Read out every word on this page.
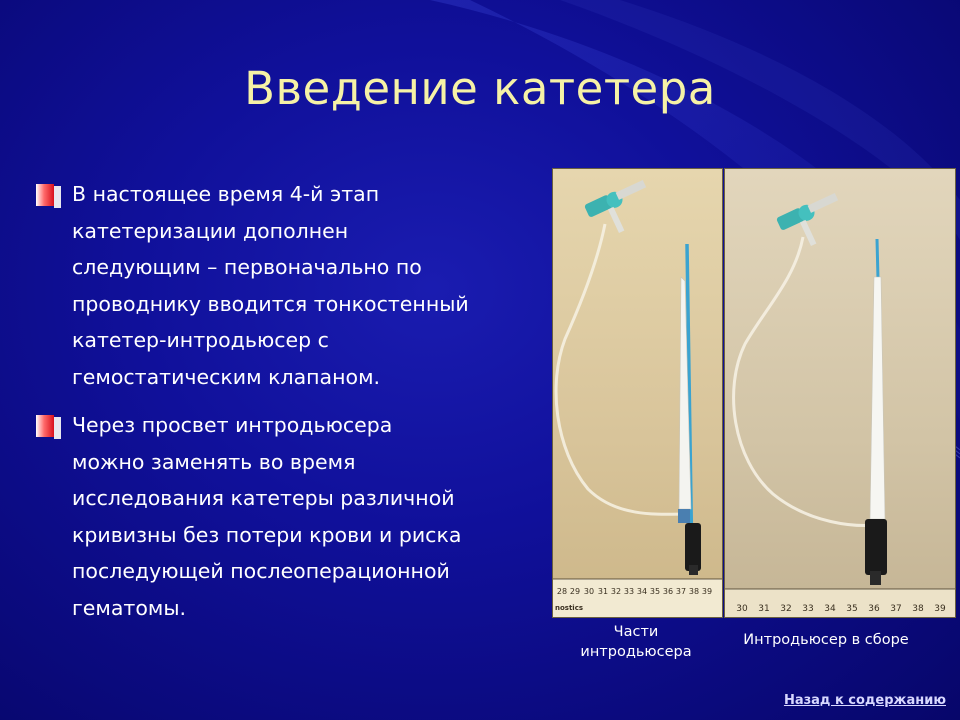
Введение катетера

В настоящее время 4-й этап
катетеризации дополнен
следующим – первоначально по
проводнику вводится тонкостенный
катетер-интродьюсер с
гемостатическим клапаном.

Через просвет интродьюсера
можно заменять во время
исследования катетеры различной
кривизны без потери крови и риска
последующей послеоперационной
гематомы.

28 29 30 31 32 33 34 35 36 37 38 39
nostics	30 31 32 33 34 35 36 37 38 39
Части
интродьюсера
Интродьюсер в сборе
Назад к содержанию
